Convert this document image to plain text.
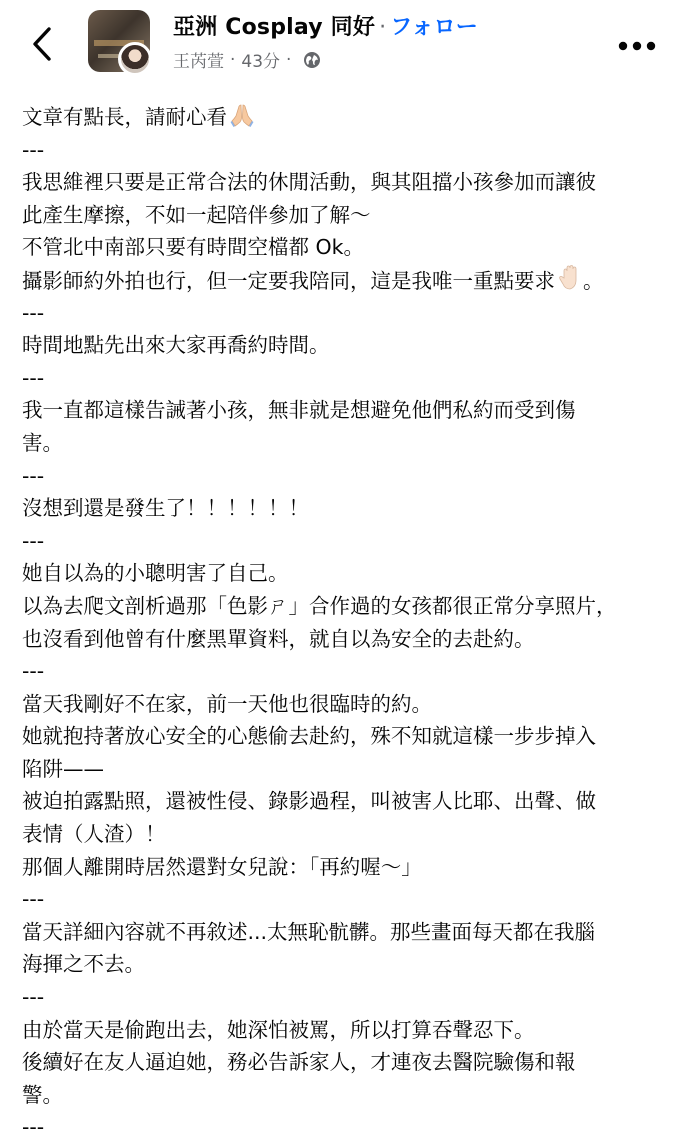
亞洲 Cosplay 同好 · フォロー
王芮萱 · 43分 ·
文章有點長，請耐心看
---
我思維裡只要是正常合法的休閒活動，與其阻擋小孩參加而讓彼
此產生摩擦，不如一起陪伴參加了解～
不管北中南部只要有時間空檔都 Ok。
攝影師約外拍也行，但一定要我陪同，這是我唯一重點要求 。
---
時間地點先出來大家再喬約時間。
---
我一直都這樣告誡著小孩，無非就是想避免他們私約而受到傷
害。
---
沒想到還是發生了！！！！！！
---
她自以為的小聰明害了自己。
以為去爬文剖析過那「色影ㄕ」合作過的女孩都很正常分享照片，
也沒看到他曾有什麼黑單資料，就自以為安全的去赴約。
---
當天我剛好不在家，前一天他也很臨時的約。
她就抱持著放心安全的心態偷去赴約，殊不知就這樣一步步掉入
陷阱——
被迫拍露點照，還被性侵、錄影過程，叫被害人比耶、出聲、做
表情（人渣）！
那個人離開時居然還對女兒說：「再約喔～」
---
當天詳細內容就不再敘述...太無恥骯髒。那些畫面每天都在我腦
海揮之不去。
---
由於當天是偷跑出去，她深怕被罵，所以打算吞聲忍下。
後續好在友人逼迫她，務必告訴家人，才連夜去醫院驗傷和報
警。
---
